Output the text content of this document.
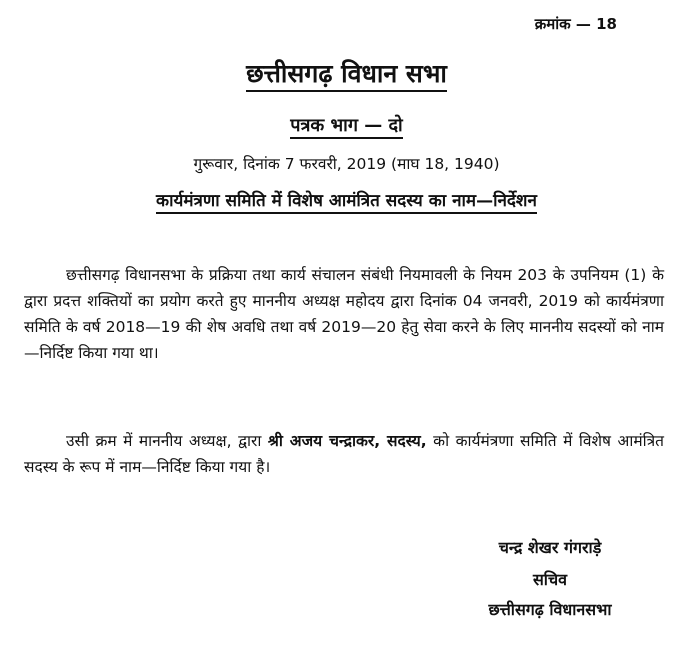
क्रमांक — 18
छत्तीसगढ़ विधान सभा
पत्रक भाग — दो
गुरूवार, दिनांक 7 फरवरी, 2019 (माघ 18, 1940)
कार्यमंत्रणा समिति में विशेष आमंत्रित सदस्य का नाम—निर्देशन
छत्तीसगढ़ विधानसभा के प्रक्रिया तथा कार्य संचालन संबंधी नियमावली के नियम 203 के उपनियम (1) के द्वारा प्रदत्त शक्तियों का प्रयोग करते हुए माननीय अध्यक्ष महोदय द्वारा दिनांक 04 जनवरी, 2019 को कार्यमंत्रणा समिति के वर्ष 2018—19 की शेष अवधि तथा वर्ष 2019—20 हेतु सेवा करने के लिए माननीय सदस्यों को नाम—निर्दिष्ट किया गया था।
उसी क्रम में माननीय अध्यक्ष, द्वारा श्री अजय चन्द्राकर, सदस्य, को कार्यमंत्रणा समिति में विशेष आमंत्रित सदस्य के रूप में नाम—निर्दिष्ट किया गया है।
चन्द्र शेखर गंगराड़े
सचिव
छत्तीसगढ़ विधानसभा
